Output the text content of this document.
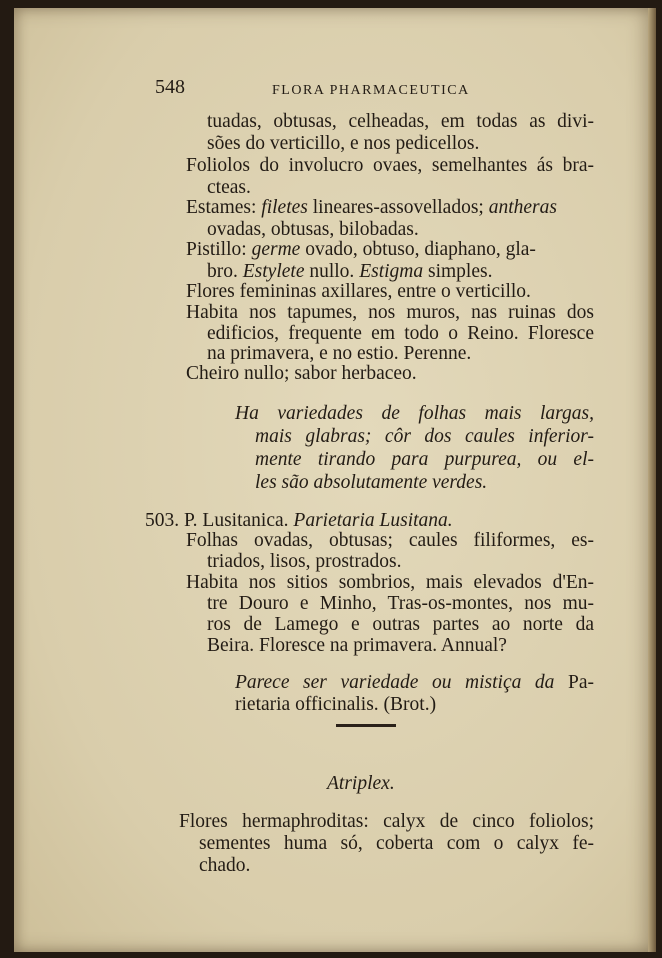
548	FLORA PHARMACEUTICA
tuadas, obtusas, celheadas, em todas as divi-
sões do verticillo, e nos pedicellos.
Foliolos do involucro ovaes, semelhantes ás bra-
cteas.
Estames: filetes lineares-assovellados; antheras
ovadas, obtusas, bilobadas.
Pistillo: germe ovado, obtuso, diaphano, gla-
bro. Estylete nullo. Estigma simples.
Flores femininas axillares, entre o verticillo.
Habita nos tapumes, nos muros, nas ruinas dos
edificios, frequente em todo o Reino. Floresce
na primavera, e no estio. Perenne.
Cheiro nullo; sabor herbaceo.
Ha variedades de folhas mais largas,
mais glabras; côr dos caules inferior-
mente tirando para purpurea, ou el-
les são absolutamente verdes.
503. P. Lusitanica. Parietaria Lusitana.
Folhas ovadas, obtusas; caules filiformes, es-
triados, lisos, prostrados.
Habita nos sitios sombrios, mais elevados d'En-
tre Douro e Minho, Tras-os-montes, nos mu-
ros de Lamego e outras partes ao norte da
Beira. Floresce na primavera. Annual?
Parece ser variedade ou mistiça da Pa-
rietaria officinalis. (Brot.)
Atriplex.
Flores hermaphroditas: calyx de cinco foliolos;
sementes huma só, coberta com o calyx fe-
chado.
